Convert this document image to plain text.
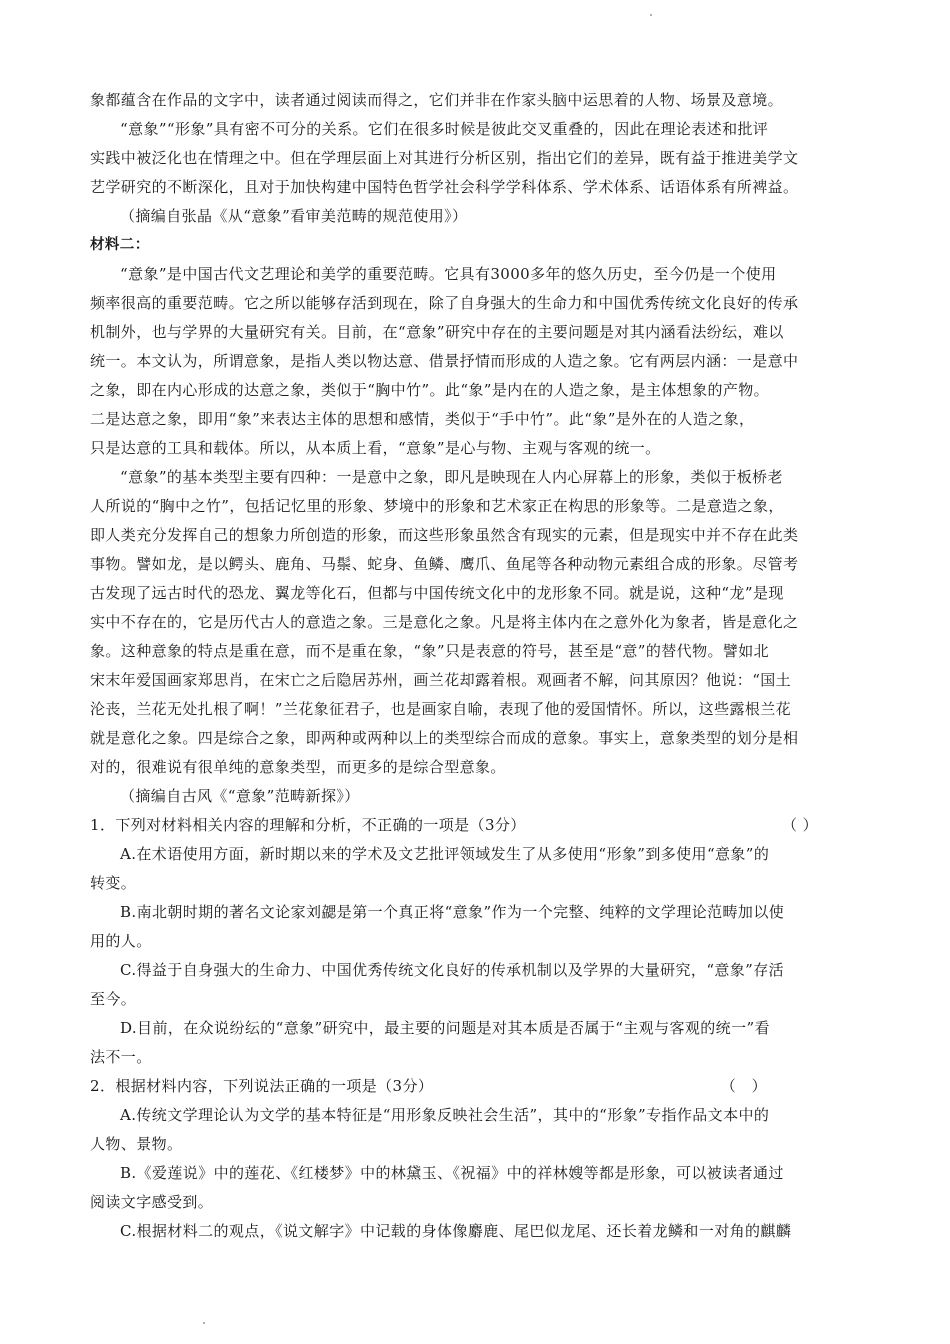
象都蕴含在作品的文字中，读者通过阅读而得之，它们并非在作家头脑中运思着的人物、场景及意境。
“意象”“形象”具有密不可分的关系。它们在很多时候是彼此交叉重叠的，因此在理论表述和批评
实践中被泛化也在情理之中。但在学理层面上对其进行分析区别，指出它们的差异，既有益于推进美学文
艺学研究的不断深化，且对于加快构建中国特色哲学社会科学学科体系、学术体系、话语体系有所裨益。
（摘编自张晶《从“意象”看审美范畴的规范使用》）
材料二：
“意象”是中国古代文艺理论和美学的重要范畴。它具有3000多年的悠久历史，至今仍是一个使用
频率很高的重要范畴。它之所以能够存活到现在，除了自身强大的生命力和中国优秀传统文化良好的传承
机制外，也与学界的大量研究有关。目前，在“意象”研究中存在的主要问题是对其内涵看法纷纭，难以
统一。本文认为，所谓意象，是指人类以物达意、借景抒情而形成的人造之象。它有两层内涵：一是意中
之象，即在内心形成的达意之象，类似于“胸中竹”。此“象”是内在的人造之象，是主体想象的产物。
二是达意之象，即用“象”来表达主体的思想和感情，类似于“手中竹”。此“象”是外在的人造之象，
只是达意的工具和载体。所以，从本质上看，“意象”是心与物、主观与客观的统一。
“意象”的基本类型主要有四种：一是意中之象，即凡是映现在人内心屏幕上的形象，类似于板桥老
人所说的“胸中之竹”，包括记忆里的形象、梦境中的形象和艺术家正在构思的形象等。二是意造之象，
即人类充分发挥自己的想象力所创造的形象，而这些形象虽然含有现实的元素，但是现实中并不存在此类
事物。譬如龙，是以鳄头、鹿角、马鬃、蛇身、鱼鳞、鹰爪、鱼尾等各种动物元素组合成的形象。尽管考
古发现了远古时代的恐龙、翼龙等化石，但都与中国传统文化中的龙形象不同。就是说，这种“龙”是现
实中不存在的，它是历代古人的意造之象。三是意化之象。凡是将主体内在之意外化为象者，皆是意化之
象。这种意象的特点是重在意，而不是重在象，“象”只是表意的符号，甚至是“意”的替代物。譬如北
宋末年爱国画家郑思肖，在宋亡之后隐居苏州，画兰花却露着根。观画者不解，问其原因？他说：“国土
沦丧，兰花无处扎根了啊！”兰花象征君子，也是画家自喻，表现了他的爱国情怀。所以，这些露根兰花
就是意化之象。四是综合之象，即两种或两种以上的类型综合而成的意象。事实上，意象类型的划分是相
对的，很难说有很单纯的意象类型，而更多的是综合型意象。
（摘编自古风《“意象”范畴新探》）
1．下列对材料相关内容的理解和分析，不正确的一项是（3分）	（ ）
A.在术语使用方面，新时期以来的学术及文艺批评领域发生了从多使用“形象”到多使用“意象”的
转变。
B.南北朝时期的著名文论家刘勰是第一个真正将“意象”作为一个完整、纯粹的文学理论范畴加以使
用的人。
C.得益于自身强大的生命力、中国优秀传统文化良好的传承机制以及学界的大量研究，“意象”存活
至今。
D.目前，在众说纷纭的“意象”研究中，最主要的问题是对其本质是否属于“主观与客观的统一”看
法不一。
2．根据材料内容，下列说法正确的一项是（3分）	（　）
A.传统文学理论认为文学的基本特征是“用形象反映社会生活”，其中的“形象”专指作品文本中的
人物、景物。
B.《爱莲说》中的莲花、《红楼梦》中的林黛玉、《祝福》中的祥林嫂等都是形象，可以被读者通过
阅读文字感受到。
C.根据材料二的观点，《说文解字》中记载的身体像麝鹿、尾巴似龙尾、还长着龙鳞和一对角的麒麟
